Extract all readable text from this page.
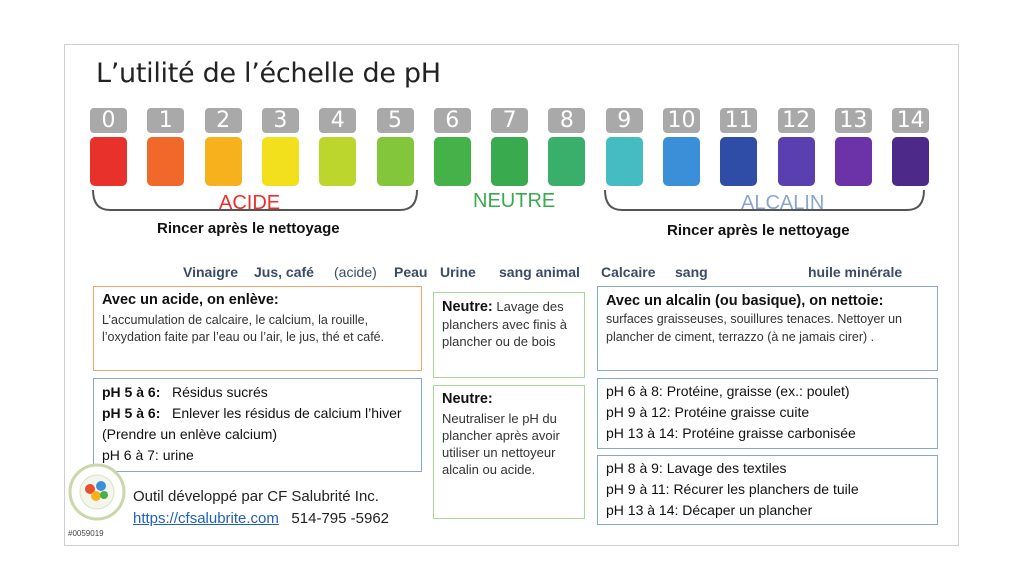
L’utilité de l’échelle de pH
0	1	2	3	4	5	6	7	8	9	10 11 12 13 14
ACIDE	NEUTRE	ALCALIN
Rincer après le nettoyage	Rincer après le nettoyage
Vinaigre Jus, café (acide) Peau Urine sang animal Calcaire sang	huile minérale
Avec un acide, on enlève:
L’accumulation de calcaire, le calcium, la rouille, l’oxydation faite par l’eau ou l’air, le jus, thé et café.
pH 5 à 6: Résidus sucrés
pH 5 à 6: Enlever les résidus de calcium l’hiver (Prendre un enlève calcium)
pH 6 à 7: urine
Neutre: Lavage des planchers avec finis à plancher ou de bois
Neutre:
Neutraliser le pH du plancher après avoir utiliser un nettoyeur alcalin ou acide.
Avec un alcalin (ou basique), on nettoie: surfaces graisseuses, souillures tenaces. Nettoyer un plancher de ciment, terrazzo (à ne jamais cirer) .
pH 6 à 8: Protéine, graisse (ex.: poulet)
pH 9 à 12: Protéine graisse cuite
pH 13 à 14: Protéine graisse carbonisée
pH 8 à 9: Lavage des textiles
pH 9 à 11: Récurer les planchers de tuile
pH 13 à 14: Décaper un plancher
#0059019
Outil développé par CF Salubrité Inc.
https://cfsalubrite.com 514-795 -5962
